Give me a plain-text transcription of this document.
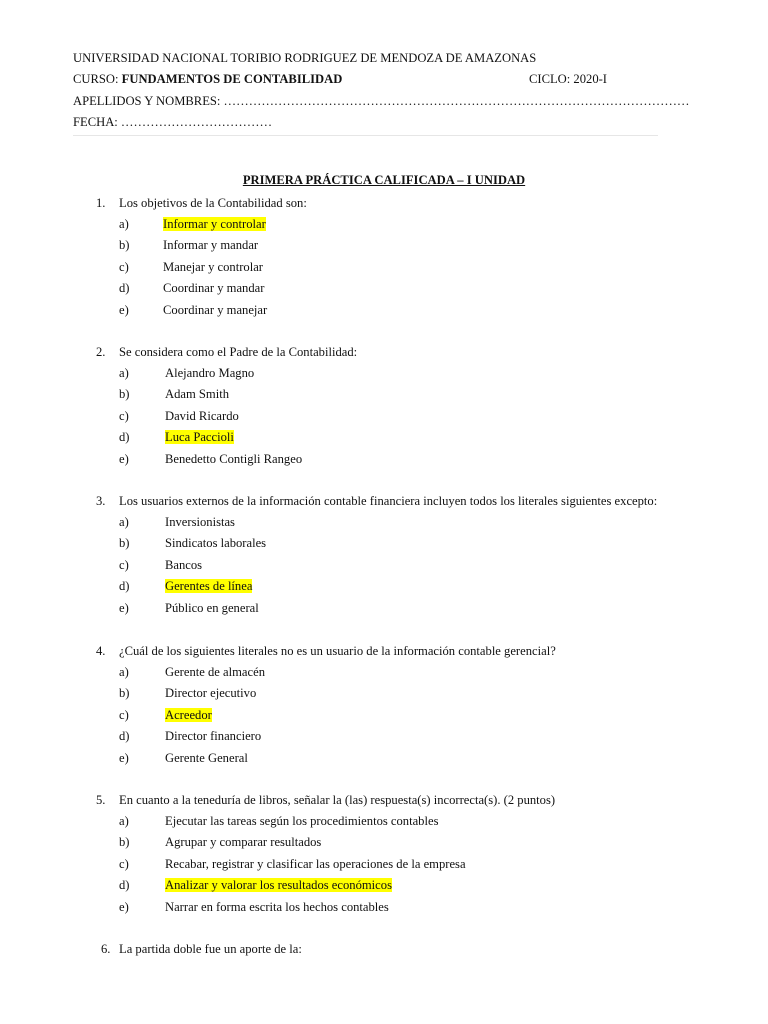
UNIVERSIDAD NACIONAL TORIBIO RODRIGUEZ DE MENDOZA DE AMAZONAS
CURSO: FUNDAMENTOS DE CONTABILIDAD	CICLO: 2020-I
APELLIDOS Y NOMBRES: …………………………………………………………………………………………………
FECHA: ………………………………
PRIMERA PRÁCTICA CALIFICADA – I UNIDAD
1. Los objetivos de la Contabilidad son:
a)	Informar y controlar
b)	Informar y mandar
c)	Manejar y controlar
d)	Coordinar y mandar
e)	Coordinar y manejar
2. Se considera como el Padre de la Contabilidad:
a)	Alejandro Magno
b)	Adam Smith
c)	David Ricardo
d)	Luca Paccioli
e)	Benedetto Contigli Rangeo
3. Los usuarios externos de la información contable financiera incluyen todos los literales siguientes excepto:
a)	Inversionistas
b)	Sindicatos laborales
c)	Bancos
d)	Gerentes de línea
e)	Público en general
4. ¿Cuál de los siguientes literales no es un usuario de la información contable gerencial?
a)	Gerente de almacén
b)	Director ejecutivo
c)	Acreedor
d)	Director financiero
e)	Gerente General
5. En cuanto a la teneduría de libros, señalar la (las) respuesta(s) incorrecta(s). (2 puntos)
a)	Ejecutar las tareas según los procedimientos contables
b)	Agrupar y comparar resultados
c)	Recabar, registrar y clasificar las operaciones de la empresa
d)	Analizar y valorar los resultados económicos
e)	Narrar en forma escrita los hechos contables
6. La partida doble fue un aporte de la:
